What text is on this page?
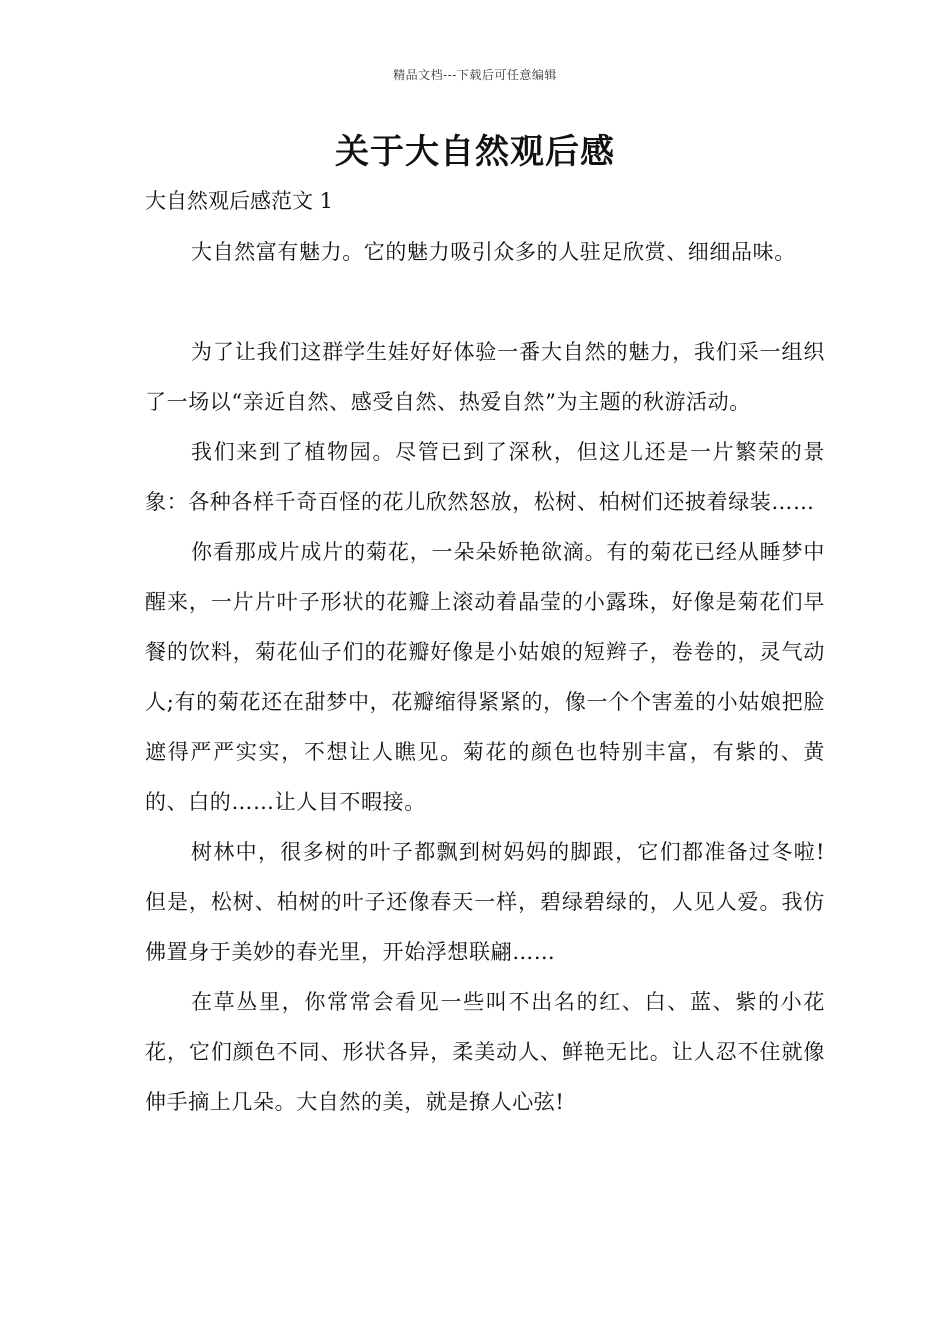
精品文档---下载后可任意编辑
关于大自然观后感
大自然观后感范文 1

大自然富有魅力。它的魅力吸引众多的人驻足欣赏、细细品味。

为了让我们这群学生娃好好体验一番大自然的魅力，我们采一组织了一场以“亲近自然、感受自然、热爱自然”为主题的秋游活动。

我们来到了植物园。尽管已到了深秋，但这儿还是一片繁荣的景象：各种各样千奇百怪的花儿欣然怒放，松树、柏树们还披着绿装……

你看那成片成片的菊花，一朵朵娇艳欲滴。有的菊花已经从睡梦中醒来，一片片叶子形状的花瓣上滚动着晶莹的小露珠，好像是菊花们早餐的饮料，菊花仙子们的花瓣好像是小姑娘的短辫子，卷卷的，灵气动人;有的菊花还在甜梦中，花瓣缩得紧紧的，像一个个害羞的小姑娘把脸遮得严严实实，不想让人瞧见。菊花的颜色也特别丰富，有紫的、黄的、白的……让人目不暇接。

树林中，很多树的叶子都飘到树妈妈的脚跟，它们都准备过冬啦!但是，松树、柏树的叶子还像春天一样，碧绿碧绿的，人见人爱。我仿佛置身于美妙的春光里，开始浮想联翩……

在草丛里，你常常会看见一些叫不出名的红、白、蓝、紫的小花花，它们颜色不同、形状各异，柔美动人、鲜艳无比。让人忍不住就像伸手摘上几朵。大自然的美，就是撩人心弦!
